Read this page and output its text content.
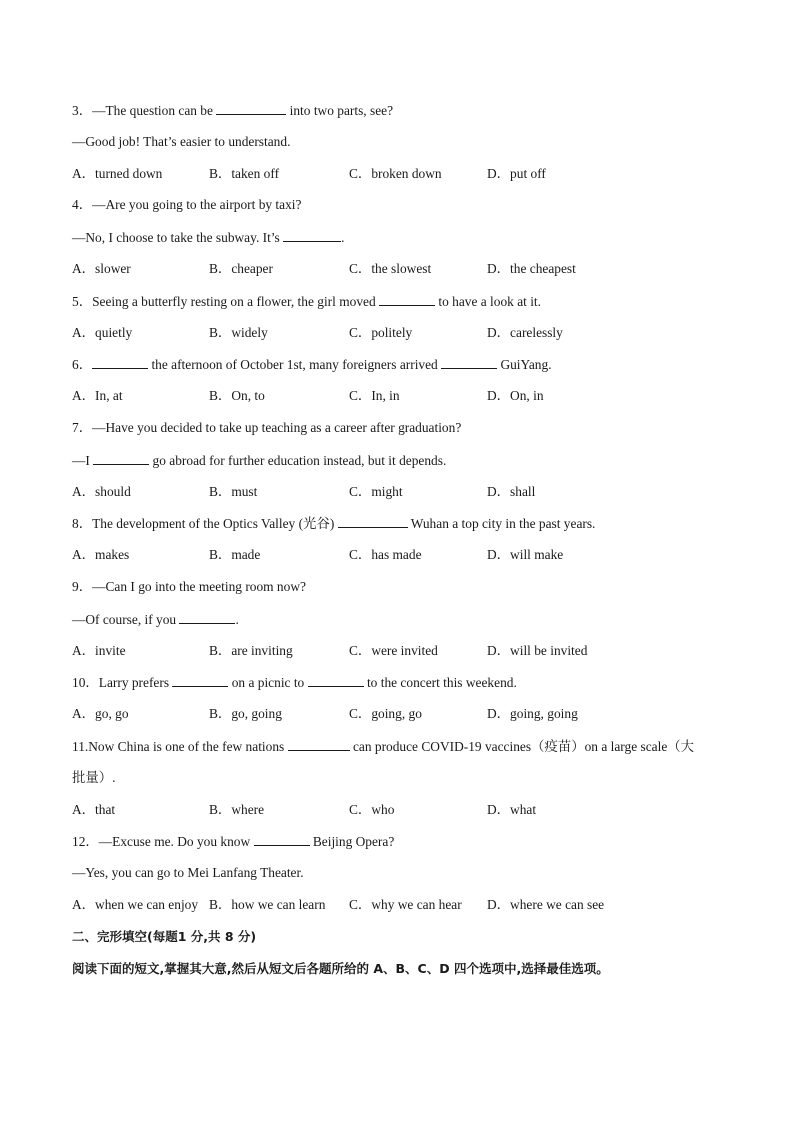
3．—The question can be	into two parts, see?
—Good job! That’s easier to understand.
A．turned down	B．taken off	C．broken down	D．put off
4．—Are you going to the airport by taxi?
—No, I choose to take the subway. It’s	.
A．slower	B．cheaper	C．the slowest	D．the cheapest
5．Seeing a butterfly resting on a flower, the girl moved	to have a look at it.
A．quietly	B．widely	C．politely	D．carelessly
6．	the afternoon of October 1st, many foreigners arrived	GuiYang.
A．In, at	B．On, to	C．In, in	D．On, in
7．—Have you decided to take up teaching as a career after graduation?
—I	go abroad for further education instead, but it depends.
A．should	B．must	C．might	D．shall
8．The development of the Optics Valley (光谷)	Wuhan a top city in the past years.
A．makes	B．made	C．has made	D．will make
9．—Can I go into the meeting room now?
—Of course, if you	.
A．invite	B．are inviting	C．were invited	D．will be invited
10．Larry prefers	on a picnic to	to the concert this weekend.
A．go, go	B．go, going	C．going, go	D．going, going
11.Now China is one of the few nations	can produce COVID-19 vaccines（疫苗）on a large scale（大
批量）.
A．that	B．where	C．who	D．what
12．—Excuse me. Do you know	Beijing Opera?
—Yes, you can go to Mei Lanfang Theater.
A．when we can enjoy B．how we can learn	C．why we can hear	D．where we can see
二、完形填空(每题1 分,共 8 分)
阅读下面的短文,掌握其大意,然后从短文后各题所给的 A、B、C、D 四个选项中,选择最佳选项。
